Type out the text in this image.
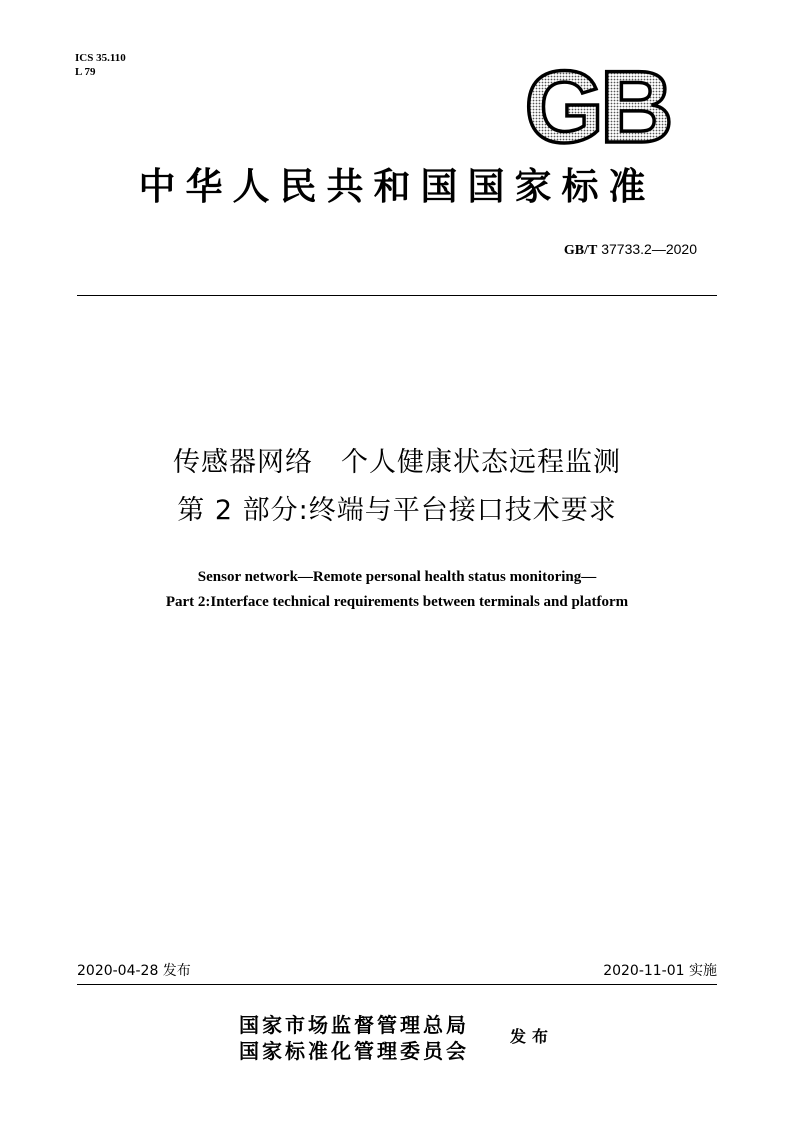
ICS 35.110
L 79	GB
中华人民共和国国家标准
GB/T 37733.2—2020
传感器网络　个人健康状态远程监测
第 2 部分:终端与平台接口技术要求
Sensor network—Remote personal health status monitoring—
Part 2:Interface technical requirements between terminals and platform
2020-04-28 发布	2020-11-01 实施
国家市场监督管理总局
国家标准化管理委员会
发布
